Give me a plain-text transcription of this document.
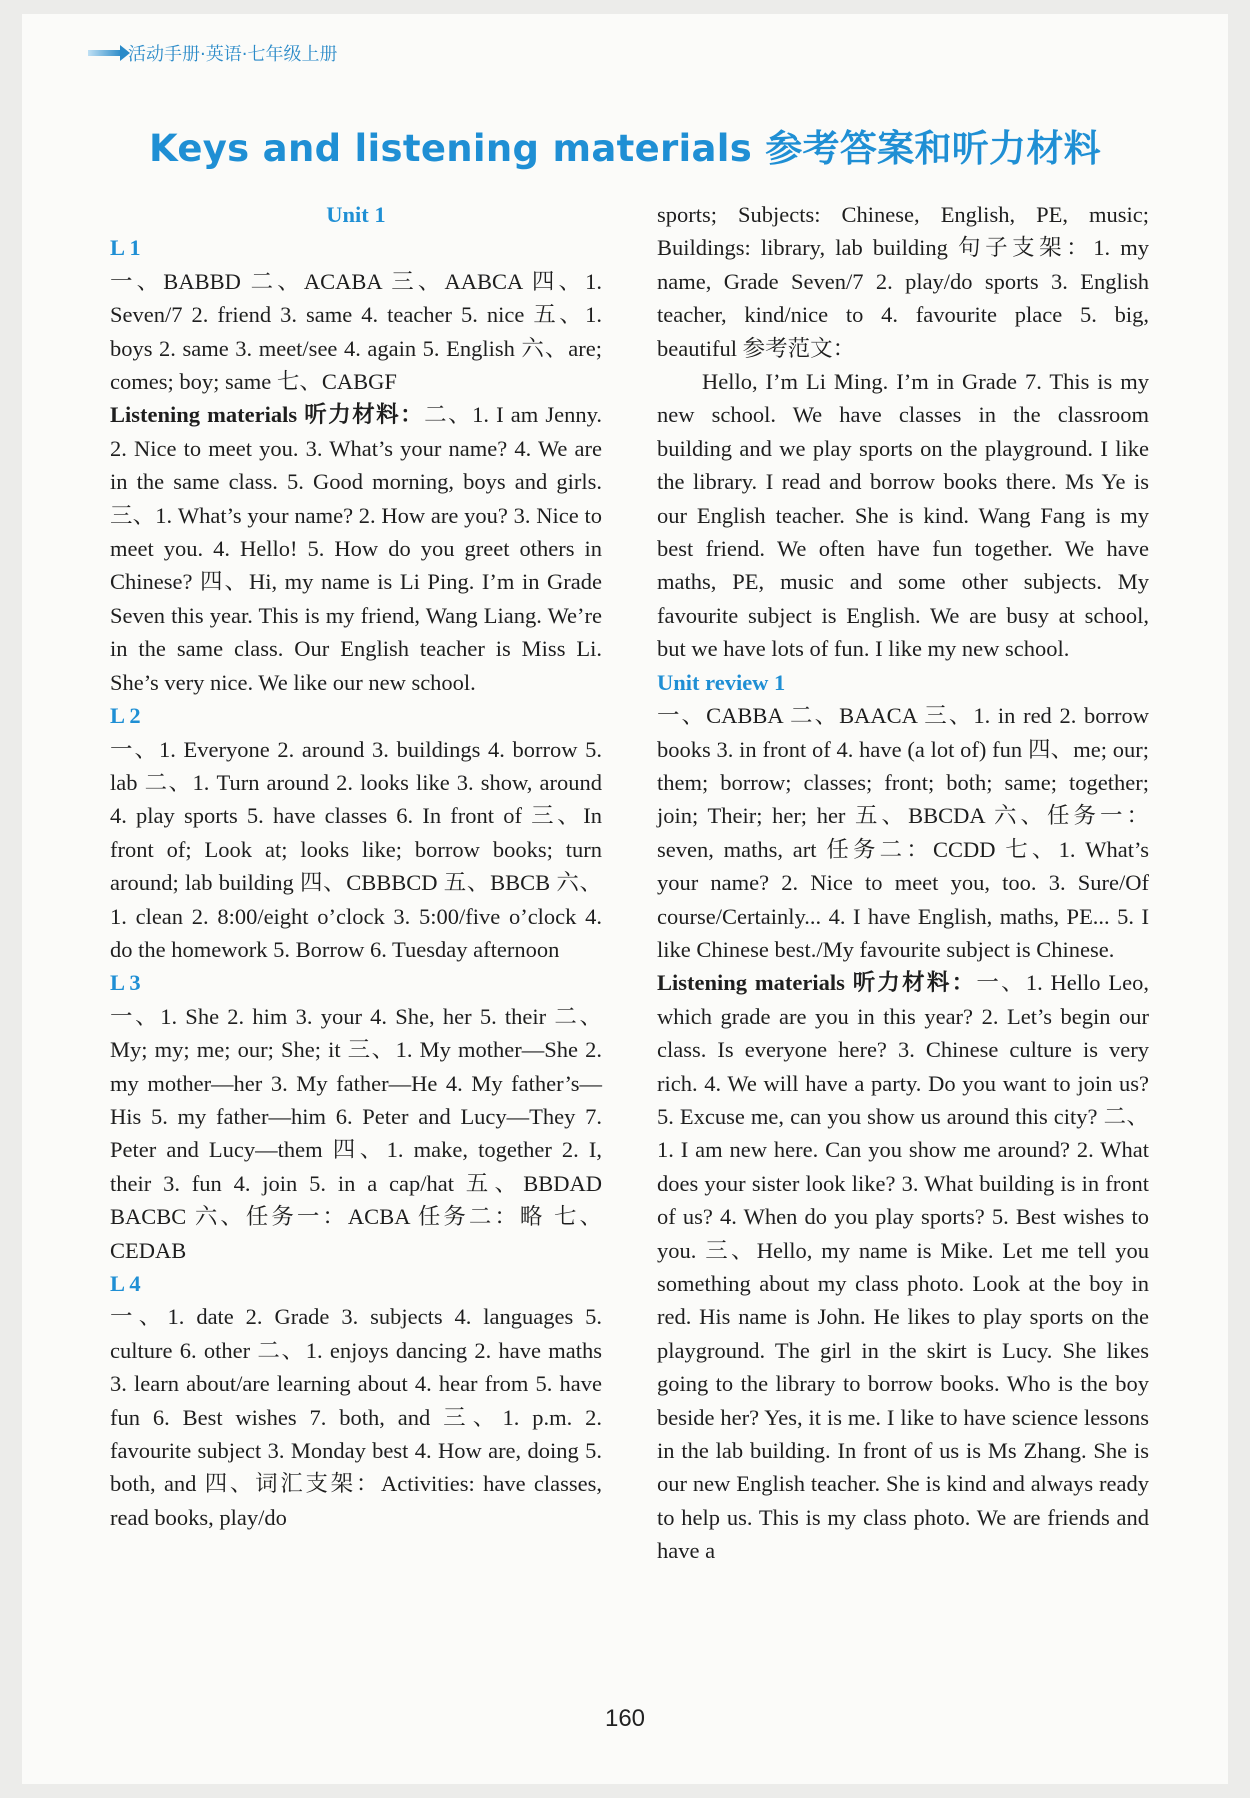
活动手册·英语·七年级上册
Keys and listening materials 参考答案和听力材料

Unit 1

L 1

一、BABBD 二、ACABA 三、AABCA 四、1. Seven/7 2. friend 3. same 4. teacher 5. nice 五、1. boys 2. same 3. meet/see 4. again 5. English 六、are; comes; boy; same 七、CABGF

Listening materials 听力材料：二、1. I am Jenny. 2. Nice to meet you. 3. What’s your name? 4. We are in the same class. 5. Good morning, boys and girls. 三、1. What’s your name? 2. How are you? 3. Nice to meet you. 4. Hello! 5. How do you greet others in Chinese? 四、Hi, my name is Li Ping. I’m in Grade Seven this year. This is my friend, Wang Liang. We’re in the same class. Our English teacher is Miss Li. She’s very nice. We like our new school.

L 2

一、1. Everyone 2. around 3. buildings 4. borrow 5. lab 二、1. Turn around 2. looks like 3. show, around 4. play sports 5. have classes 6. In front of 三、In front of; Look at; looks like; borrow books; turn around; lab building 四、CBBBCD 五、BBCB 六、1. clean 2. 8:00/eight o’clock 3. 5:00/five o’clock 4. do the homework 5. Borrow 6. Tuesday afternoon

L 3

一、1. She 2. him 3. your 4. She, her 5. their 二、My; my; me; our; She; it 三、1. My mother—She 2. my mother—her 3. My father—He 4. My father’s—His 5. my father—him 6. Peter and Lucy—They 7. Peter and Lucy—them 四、1. make, together 2. I, their 3. fun 4. join 5. in a cap/hat 五、BBDAD BACBC 六、任务一：ACBA 任务二：略 七、CEDAB

L 4

一、1. date 2. Grade 3. subjects 4. languages 5. culture 6. other 二、1. enjoys dancing 2. have maths 3. learn about/are learning about 4. hear from 5. have fun 6. Best wishes 7. both, and 三、1. p.m. 2. favourite subject 3. Monday best 4. How are, doing 5. both, and 四、词汇支架：Activities: have classes, read books, play/do

sports; Subjects: Chinese, English, PE, music; Buildings: library, lab building 句子支架：1. my name, Grade Seven/7 2. play/do sports 3. English teacher, kind/nice to 4. favourite place 5. big, beautiful 参考范文：

Hello, I’m Li Ming. I’m in Grade 7. This is my new school. We have classes in the classroom building and we play sports on the playground. I like the library. I read and borrow books there. Ms Ye is our English teacher. She is kind. Wang Fang is my best friend. We often have fun together. We have maths, PE, music and some other subjects. My favourite subject is English. We are busy at school, but we have lots of fun. I like my new school.

Unit review 1

一、CABBA 二、BAACA 三、1. in red 2. borrow books 3. in front of 4. have (a lot of) fun 四、me; our; them; borrow; classes; front; both; same; together; join; Their; her; her 五、BBCDA 六、任务一：seven, maths, art 任务二：CCDD 七、1. What’s your name? 2. Nice to meet you, too. 3. Sure/Of course/Certainly... 4. I have English, maths, PE... 5. I like Chinese best./My favourite subject is Chinese.

Listening materials 听力材料：一、1. Hello Leo, which grade are you in this year? 2. Let’s begin our class. Is everyone here? 3. Chinese culture is very rich. 4. We will have a party. Do you want to join us? 5. Excuse me, can you show us around this city? 二、1. I am new here. Can you show me around? 2. What does your sister look like? 3. What building is in front of us? 4. When do you play sports? 5. Best wishes to you. 三、Hello, my name is Mike. Let me tell you something about my class photo. Look at the boy in red. His name is John. He likes to play sports on the playground. The girl in the skirt is Lucy. She likes going to the library to borrow books. Who is the boy beside her? Yes, it is me. I like to have science lessons in the lab building. In front of us is Ms Zhang. She is our new English teacher. She is kind and always ready to help us. This is my class photo. We are friends and have a

160
